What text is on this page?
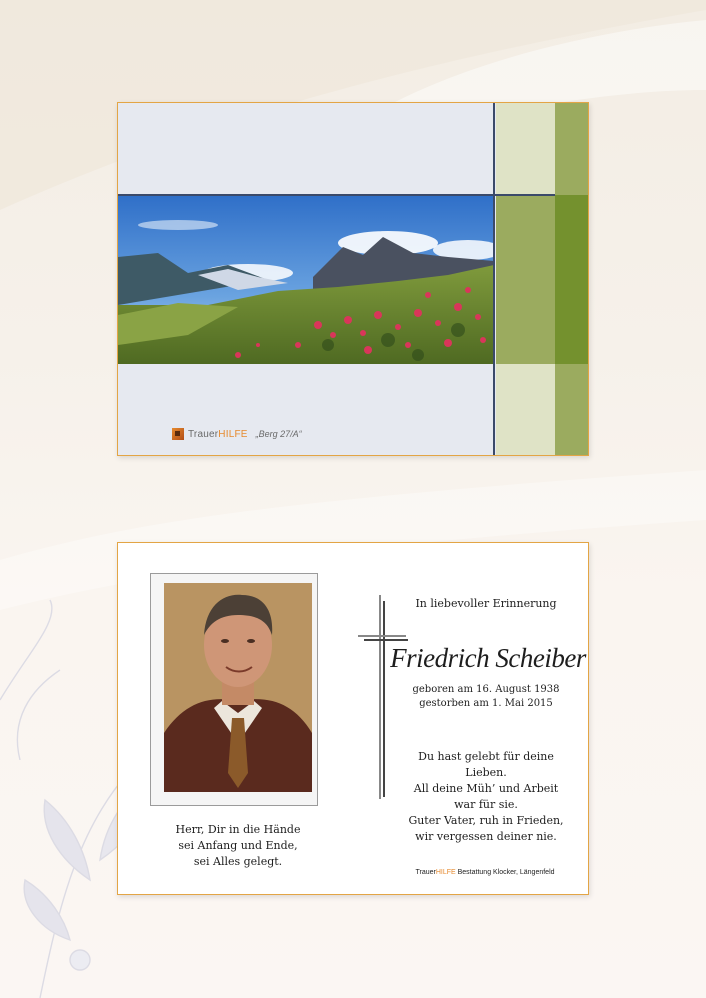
TrauerHILFE „Berg 27/A“
Herr, Dir in die Hände
sei Anfang und Ende,
sei Alles gelegt.
In liebevoller Erinnerung
Friedrich Scheiber
geboren am 16. August 1938
gestorben am 1. Mai 2015
Du hast gelebt für deine Lieben.
All deine Müh’ und Arbeit
war für sie.
Guter Vater, ruh in Frieden,
wir vergessen deiner nie.
TrauerHILFE Bestattung Klocker, Längenfeld
